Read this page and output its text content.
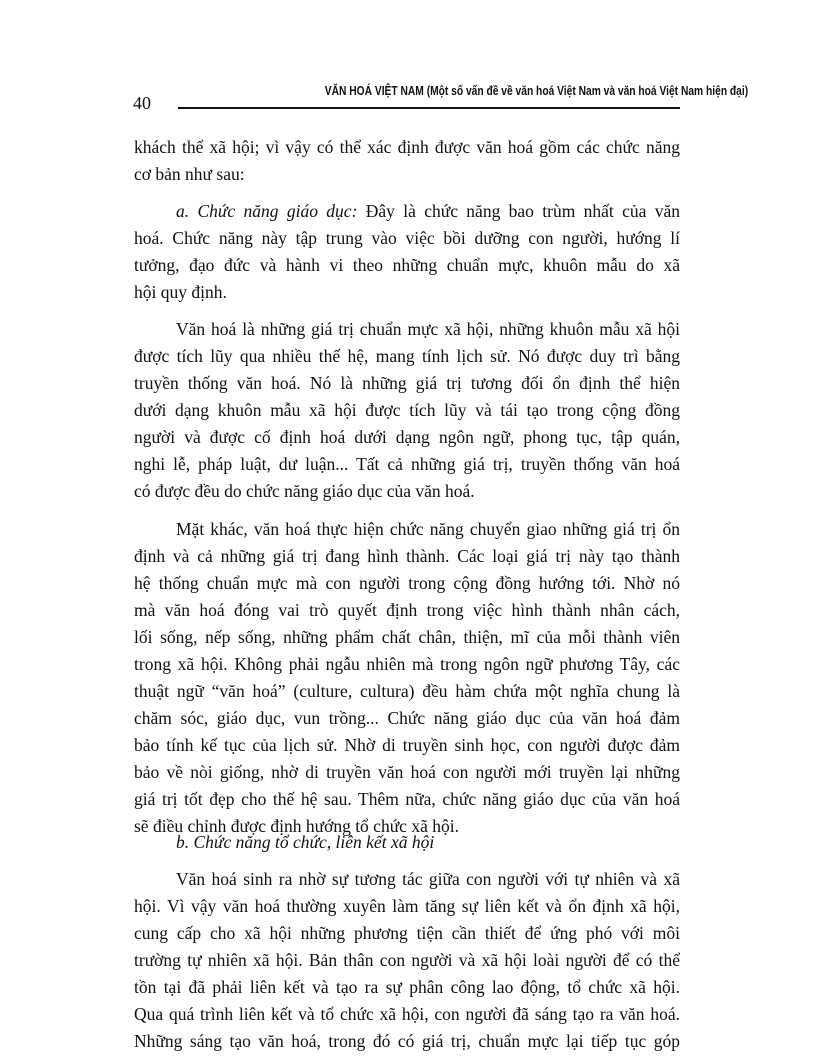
40
VĂN HOÁ VIỆT NAM (Một số vấn đề về văn hoá Việt Nam và văn hoá Việt Nam hiện đại)
khách thể xã hội; vì vậy có thể xác định được văn hoá gồm các chức năng
cơ bản như sau:
a. Chức năng giáo dục: Đây là chức năng bao trùm nhất của văn
hoá. Chức năng này tập trung vào việc bồi dưỡng con người, hướng lí
tưởng, đạo đức và hành vi theo những chuẩn mực, khuôn mẫu do xã
hội quy định.
Văn hoá là những giá trị chuẩn mực xã hội, những khuôn mẫu xã hội
được tích lũy qua nhiều thế hệ, mang tính lịch sử. Nó được duy trì bằng
truyền thống văn hoá. Nó là những giá trị tương đối ổn định thể hiện
dưới dạng khuôn mẫu xã hội được tích lũy và tái tạo trong cộng đồng
người và được cố định hoá dưới dạng ngôn ngữ, phong tục, tập quán,
nghi lễ, pháp luật, dư luận... Tất cả những giá trị, truyền thống văn hoá
có được đều do chức năng giáo dục của văn hoá.
Mặt khác, văn hoá thực hiện chức năng chuyển giao những giá trị ổn
định và cả những giá trị đang hình thành. Các loại giá trị này tạo thành
hệ thống chuẩn mực mà con người trong cộng đồng hướng tới. Nhờ nó
mà văn hoá đóng vai trò quyết định trong việc hình thành nhân cách,
lối sống, nếp sống, những phẩm chất chân, thiện, mĩ của mỗi thành viên
trong xã hội. Không phải ngẫu nhiên mà trong ngôn ngữ phương Tây, các
thuật ngữ “văn hoá” (culture, cultura) đều hàm chứa một nghĩa chung là
chăm sóc, giáo dục, vun trồng... Chức năng giáo dục của văn hoá đảm
bảo tính kế tục của lịch sử. Nhờ di truyền sinh học, con người được đảm
bảo về nòi giống, nhờ di truyền văn hoá con người mới truyền lại những
giá trị tốt đẹp cho thế hệ sau. Thêm nữa, chức năng giáo dục của văn hoá
sẽ điều chỉnh được định hướng tổ chức xã hội.
b. Chức năng tổ chức, liên kết xã hội
Văn hoá sinh ra nhờ sự tương tác giữa con người với tự nhiên và xã
hội. Vì vậy văn hoá thường xuyên làm tăng sự liên kết và ổn định xã hội,
cung cấp cho xã hội những phương tiện cần thiết để ứng phó với môi
trường tự nhiên xã hội. Bản thân con người và xã hội loài người để có thể
tồn tại đã phải liên kết và tạo ra sự phân công lao động, tổ chức xã hội.
Qua quá trình liên kết và tổ chức xã hội, con người đã sáng tạo ra văn hoá.
Những sáng tạo văn hoá, trong đó có giá trị, chuẩn mực lại tiếp tục góp
